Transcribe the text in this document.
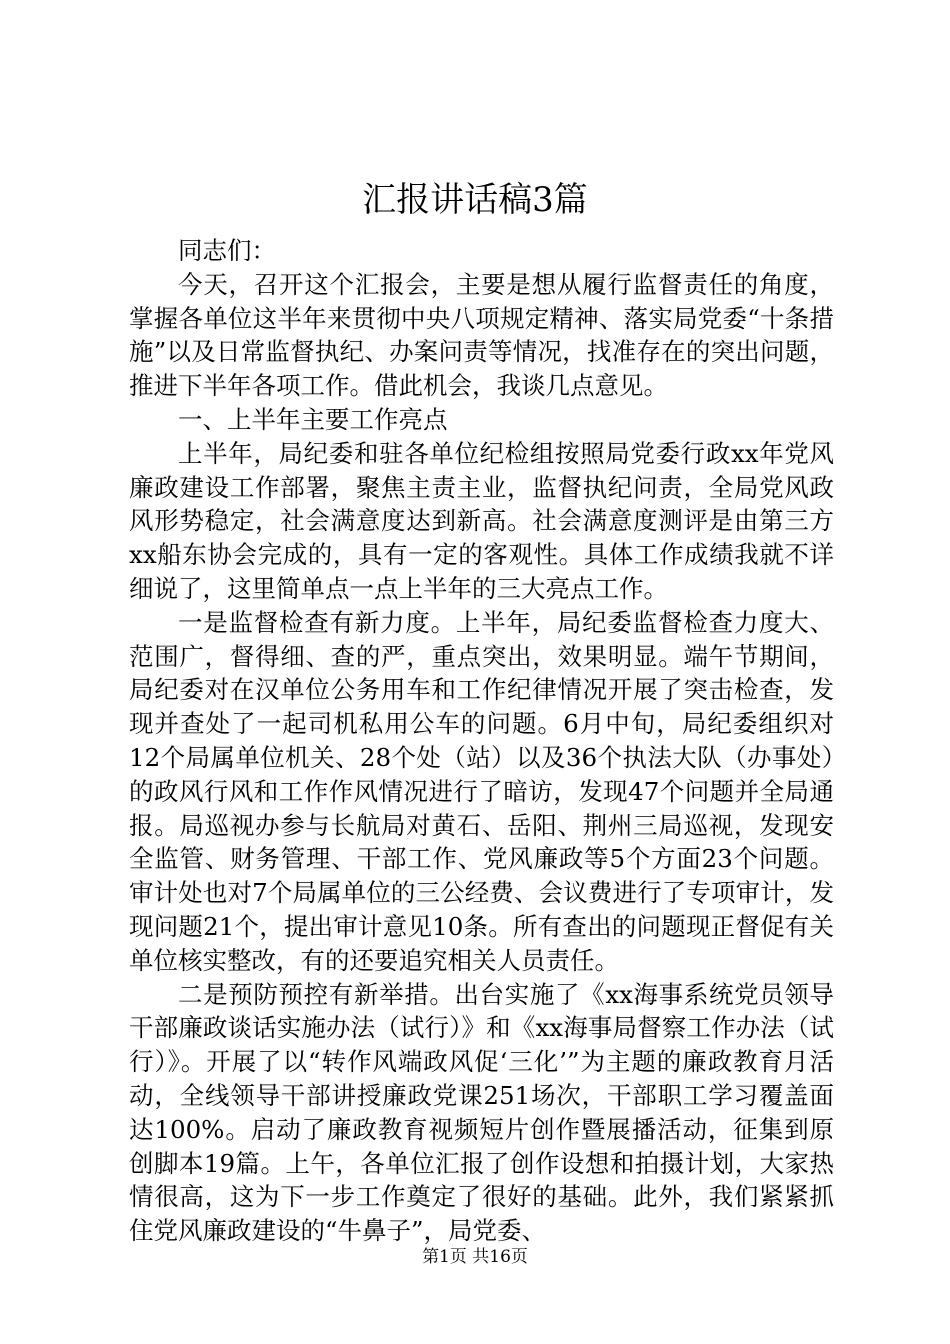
汇报讲话稿3篇

同志们：

今天，召开这个汇报会，主要是想从履行监督责任的角度，掌握各单位这半年来贯彻中央八项规定精神、落实局党委“十条措施”以及日常监督执纪、办案问责等情况，找准存在的突出问题，推进下半年各项工作。借此机会，我谈几点意见。

一、上半年主要工作亮点

上半年，局纪委和驻各单位纪检组按照局党委行政xx年党风廉政建设工作部署，聚焦主责主业，监督执纪问责，全局党风政风形势稳定，社会满意度达到新高。社会满意度测评是由第三方xx船东协会完成的，具有一定的客观性。具体工作成绩我就不详细说了，这里简单点一点上半年的三大亮点工作。

一是监督检查有新力度。上半年，局纪委监督检查力度大、范围广，督得细、查的严，重点突出，效果明显。端午节期间，局纪委对在汉单位公务用车和工作纪律情况开展了突击检查，发现并查处了一起司机私用公车的问题。6月中旬，局纪委组织对12个局属单位机关、28个处（站）以及36个执法大队（办事处）的政风行风和工作作风情况进行了暗访，发现47个问题并全局通报。局巡视办参与长航局对黄石、岳阳、荆州三局巡视，发现安全监管、财务管理、干部工作、党风廉政等5个方面23个问题。审计处也对7个局属单位的三公经费、会议费进行了专项审计，发现问题21个，提出审计意见10条。所有查出的问题现正督促有关单位核实整改，有的还要追究相关人员责任。

二是预防预控有新举措。出台实施了《xx海事系统党员领导干部廉政谈话实施办法（试行）》和《xx海事局督察工作办法（试行）》。开展了以“转作风端政风促‘三化’”为主题的廉政教育月活动，全线领导干部讲授廉政党课251场次，干部职工学习覆盖面达100%。启动了廉政教育视频短片创作暨展播活动，征集到原创脚本19篇。上午，各单位汇报了创作设想和拍摄计划，大家热情很高，这为下一步工作奠定了很好的基础。此外，我们紧紧抓住党风廉政建设的“牛鼻子”，局党委、

第1页 共16页
